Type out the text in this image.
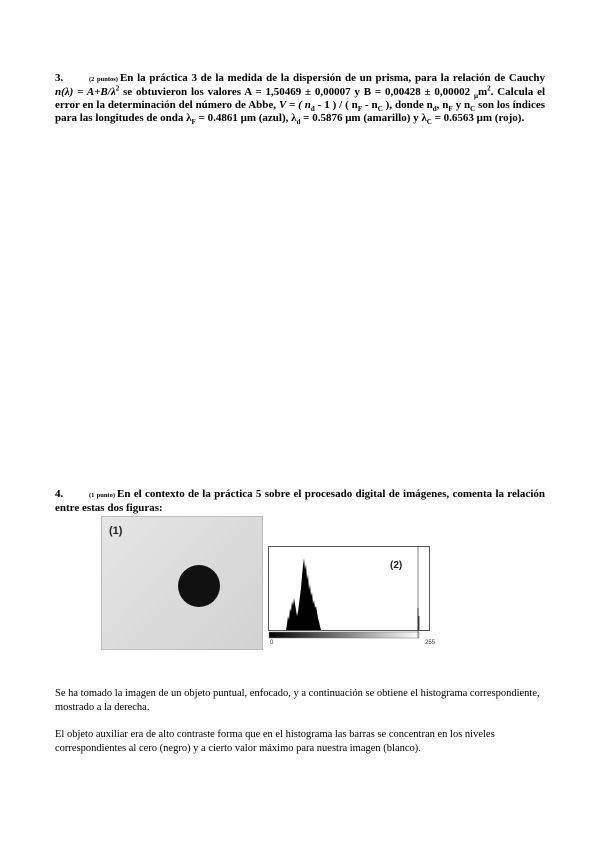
3.	(2 puntos) En la práctica 3 de la medida de la dispersión de un prisma, para la relación de Cauchy $n(\lambda) = A+B/\lambda^2$ se obtuvieron los valores A = 1,50469 ± 0,00007 y B = 0,00428 ± 0,00002 $_\mu m^2$. Calcula el error en la determinación del número de Abbe, V = ( $n_d - 1$ ) / ( $n_F - n_C$ ), donde $n_d$, $n_F$ y $n_C$ son los índices para las longitudes de onda $\lambda_F = 0.4861$ μm (azul), $\lambda_d = 0.5876$ μm (amarillo) y $\lambda_C = 0.6563$ μm (rojo).
4.	(1 punto) En el contexto de la práctica 5 sobre el procesado digital de imágenes, comenta la relación entre estas dos figuras:
(1)
(2)
0	255
Se ha tomado la imagen de un objeto puntual, enfocado, y a continuación se obtiene el histograma correspondiente, mostrado a la derecha.
El objeto auxiliar era de alto contraste forma que en el histograma las barras se concentran en los niveles correspondientes al cero (negro) y a cierto valor máximo para nuestra imagen (blanco).
